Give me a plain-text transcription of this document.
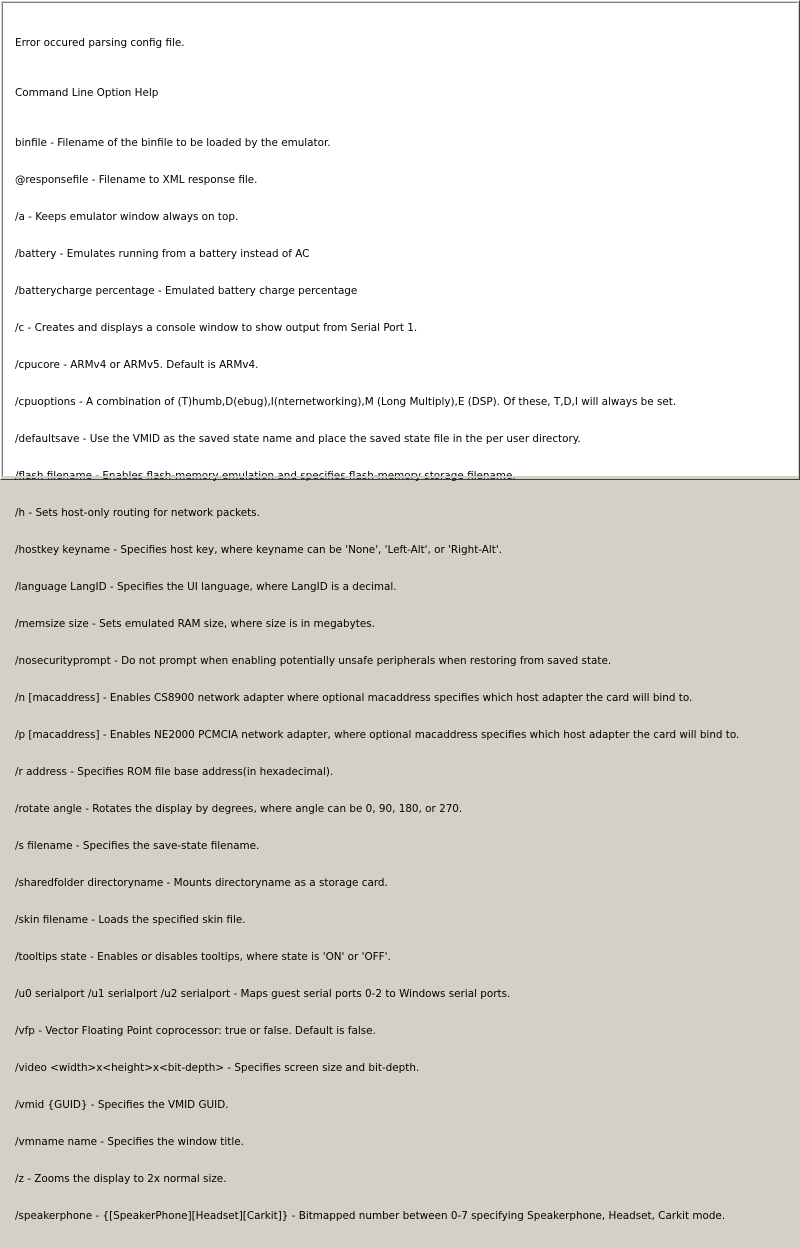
Error occured parsing config file.

Command Line Option Help

binfile - Filename of the binfile to be loaded by the emulator.

@responsefile - Filename to XML response file.

/a - Keeps emulator window always on top.

/battery - Emulates running from a battery instead of AC

/batterycharge percentage - Emulated battery charge percentage

/c - Creates and displays a console window to show output from Serial Port 1.

/cpucore - ARMv4 or ARMv5. Default is ARMv4.

/cpuoptions - A combination of (T)humb,D(ebug),I(nternetworking),M (Long Multiply),E (DSP). Of these, T,D,I will always be set.

/defaultsave - Use the VMID as the saved state name and place the saved state file in the per user directory.

/h - Sets host-only routing for network packets.

/hostkey keyname - Specifies host key, where keyname can be 'None', 'Left-Alt', or 'Right-Alt'.

/language LangID - Specifies the UI language, where LangID is a decimal.

/memsize size - Sets emulated RAM size, where size is in megabytes.

/nosecurityprompt - Do not prompt when enabling potentially unsafe peripherals when restoring from saved state.

/n [macaddress] - Enables CS8900 network adapter where optional macaddress specifies which host adapter the card will bind to.

/p [macaddress] - Enables NE2000 PCMCIA network adapter, where optional macaddress specifies which host adapter the card will bind to.

/r address - Specifies ROM file base address(in hexadecimal).

/rotate angle - Rotates the display by degrees, where angle can be 0, 90, 180, or 270.

/s filename - Specifies the save-state filename.

/sharedfolder directoryname - Mounts directoryname as a storage card.

/skin filename - Loads the specified skin file.

/tooltips state - Enables or disables tooltips, where state is 'ON' or 'OFF'.

/u0 serialport /u1 serialport /u2 serialport - Maps guest serial ports 0-2 to Windows serial ports.

/vfp - Vector Floating Point coprocessor: true or false. Default is false.

/video <width>x<height>x<bit-depth> - Specifies screen size and bit-depth.

/vmid {GUID} - Specifies the VMID GUID.

/vmname name - Specifies the window title.

/z - Zooms the display to 2x normal size.

/speakerphone - {[SpeakerPhone][Headset][Carkit]} - Bitmapped number between 0-7 specifying Speakerphone, Headset, Carkit mode.
